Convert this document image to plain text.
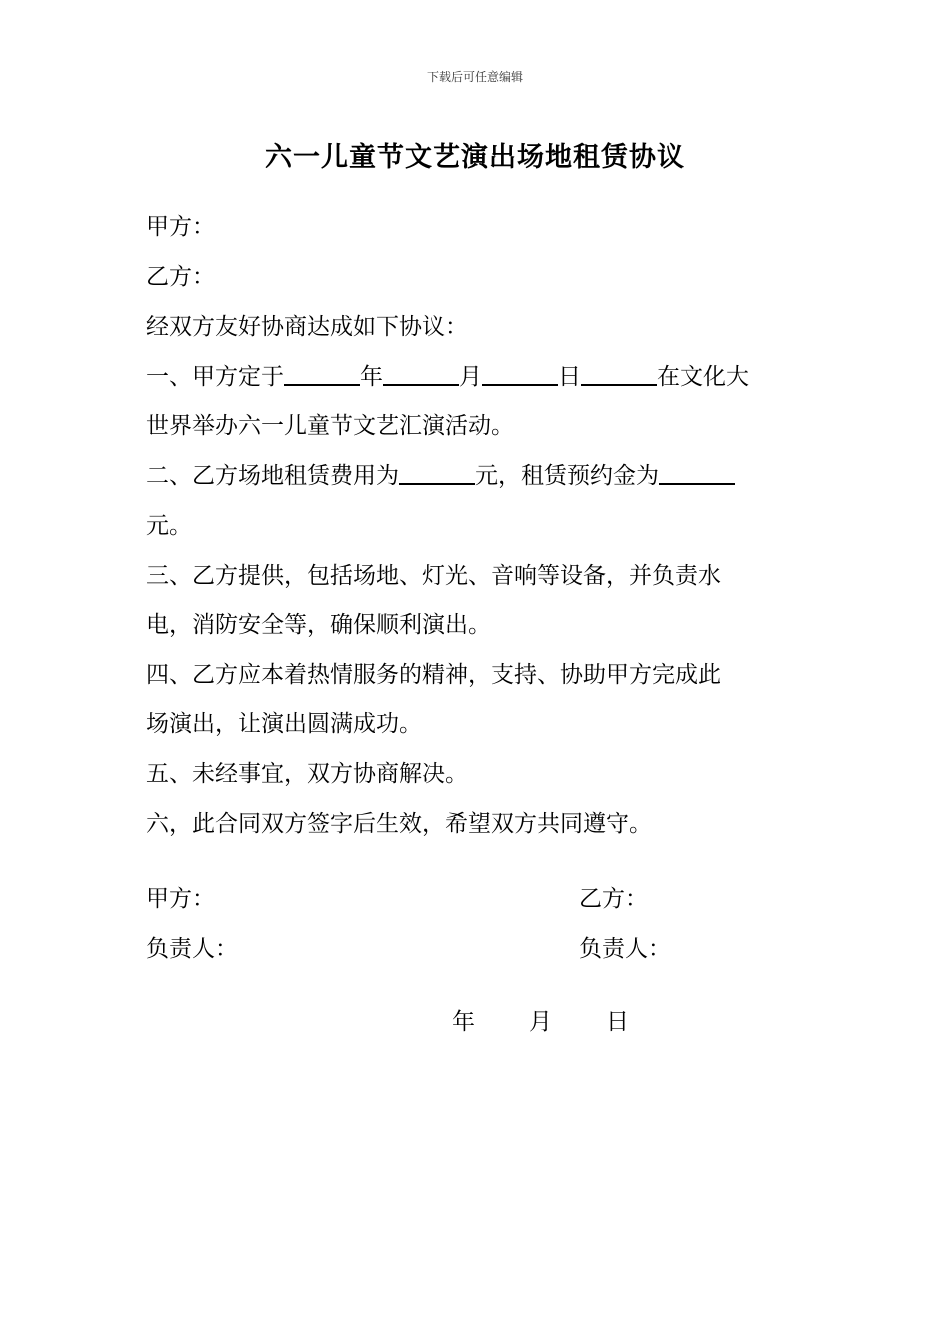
下载后可任意编辑
六一儿童节文艺演出场地租赁协议
甲方：
乙方：
经双方友好协商达成如下协议：
一、甲方定于	年	月	日	在文化大
世界举办六一儿童节文艺汇演活动。
二、乙方场地租赁费用为	元，租赁预约金为
元。
三、乙方提供，包括场地、灯光、音响等设备，并负责水
电，消防安全等，确保顺利演出。
四、乙方应本着热情服务的精神，支持、协助甲方完成此
场演出，让演出圆满成功。
五、未经事宜，双方协商解决。
六，此合同双方签字后生效，希望双方共同遵守。
甲方：	乙方：
负责人：	负责人：
年 月 日
